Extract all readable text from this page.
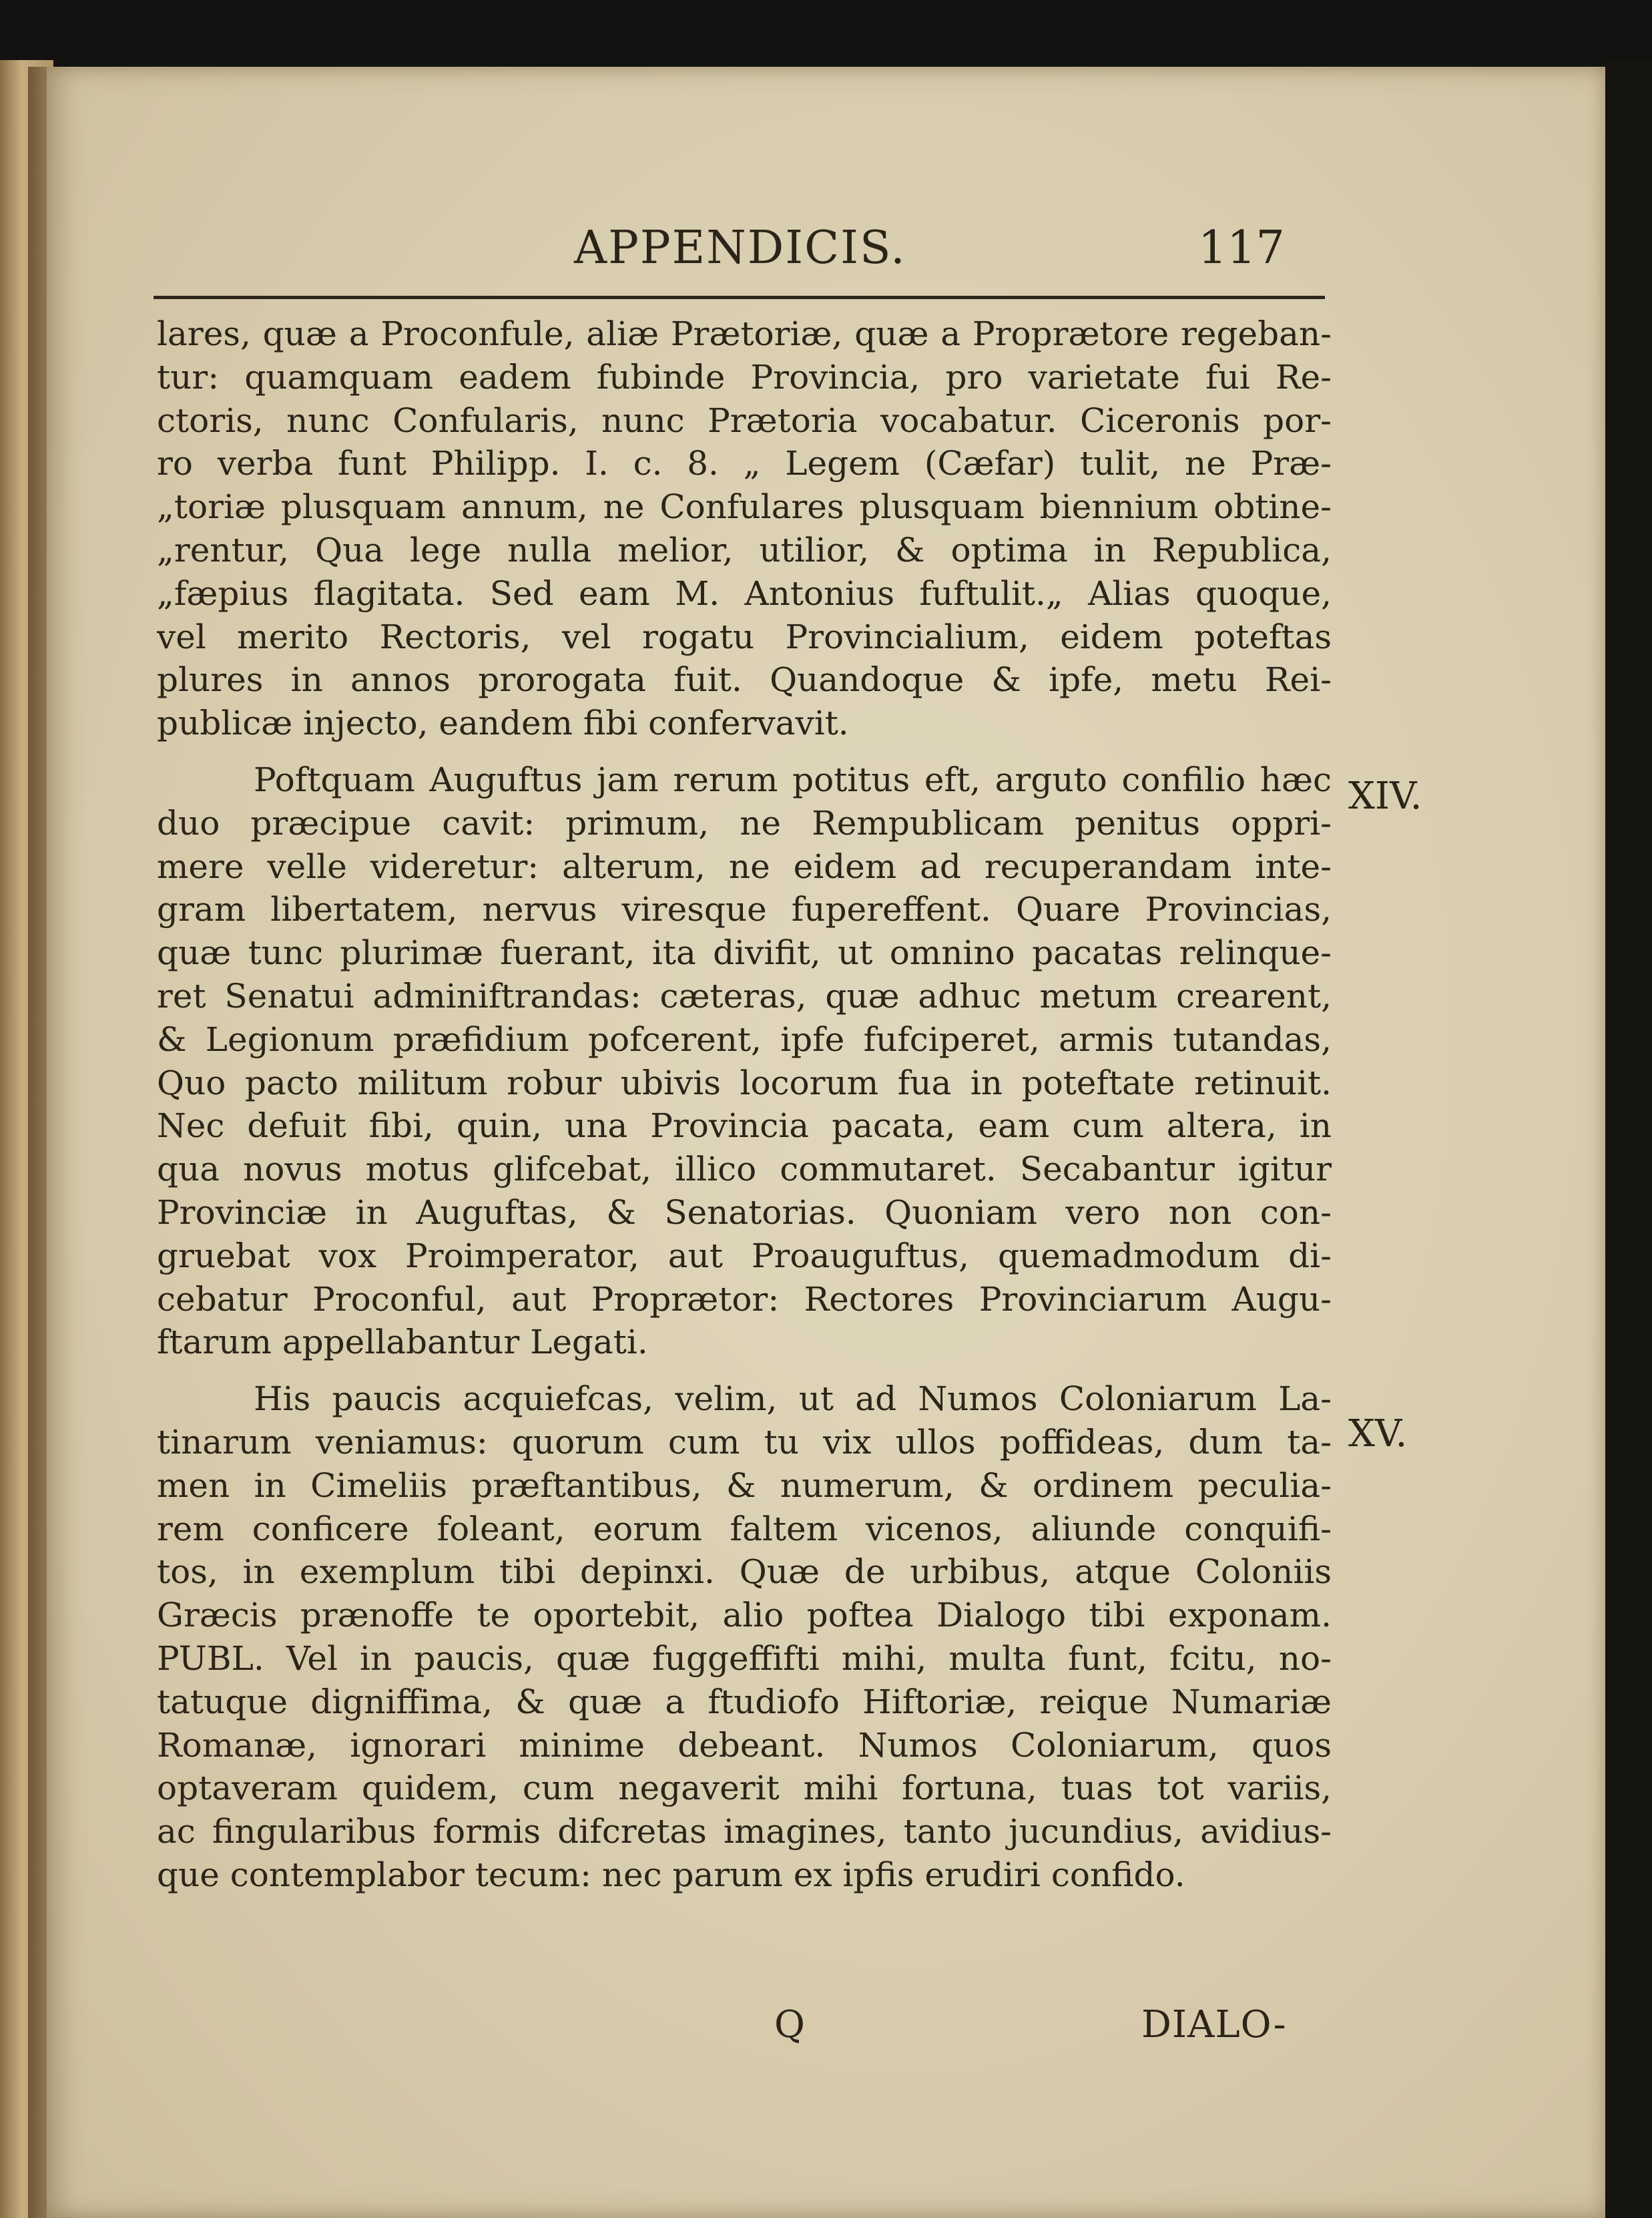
APPENDICIS.	117
lares, quæ a Proconfule, aliæ Prætoriæ, quæ a Proprætore regeban-
tur: quamquam eadem fubinde Provincia, pro varietate fui Re-
ctoris, nunc Confularis, nunc Prætoria vocabatur. Ciceronis por-
ro verba funt Philipp. I. c. 8. „ Legem (Cæfar) tulit, ne Præ-
„toriæ plusquam annum, ne Confulares plusquam biennium obtine-
„rentur, Qua lege nulla melior, utilior, & optima in Republica,
„fæpius flagitata. Sed eam M. Antonius fuftulit.„ Alias quoque,
vel merito Rectoris, vel rogatu Provincialium, eidem poteftas
plures in annos prorogata fuit. Quandoque & ipfe, metu Rei-
publicæ injecto, eandem fibi confervavit.
Poftquam Auguftus jam rerum potitus eft, arguto confilio hæc
duo præcipue cavit: primum, ne Rempublicam penitus oppri-
mere velle videretur: alterum, ne eidem ad recuperandam inte-
gram libertatem, nervus viresque fupereffent. Quare Provincias,
quæ tunc plurimæ fuerant, ita divifit, ut omnino pacatas relinque-
ret Senatui adminiftrandas: cæteras, quæ adhuc metum crearent,
& Legionum præfidium pofcerent, ipfe fufciperet, armis tutandas,
Quo pacto militum robur ubivis locorum fua in poteftate retinuit.
Nec defuit fibi, quin, una Provincia pacata, eam cum altera, in
qua novus motus glifcebat, illico commutaret. Secabantur igitur
Provinciæ in Auguftas, & Senatorias. Quoniam vero non con-
gruebat vox Proimperator, aut Proauguftus, quemadmodum di-
cebatur Proconful, aut Proprætor: Rectores Provinciarum Augu-
ftarum appellabantur Legati.
His paucis acquiefcas, velim, ut ad Numos Coloniarum La-
tinarum veniamus: quorum cum tu vix ullos poffideas, dum ta-
men in Cimeliis præftantibus, & numerum, & ordinem peculia-
rem conficere foleant, eorum faltem vicenos, aliunde conquifi-
tos, in exemplum tibi depinxi. Quæ de urbibus, atque Coloniis
Græcis prænoffe te oportebit, alio poftea Dialogo tibi exponam.
PUBL. Vel in paucis, quæ fuggeffifti mihi, multa funt, fcitu, no-
tatuque digniffima, & quæ a ftudiofo Hiftoriæ, reique Numariæ
Romanæ, ignorari minime debeant. Numos Coloniarum, quos
optaveram quidem, cum negaverit mihi fortuna, tuas tot variis,
ac fingularibus formis difcretas imagines, tanto jucundius, avidius-
que contemplabor tecum: nec parum ex ipfis erudiri confido.
XIV.
XV.
Q	DIALO-
